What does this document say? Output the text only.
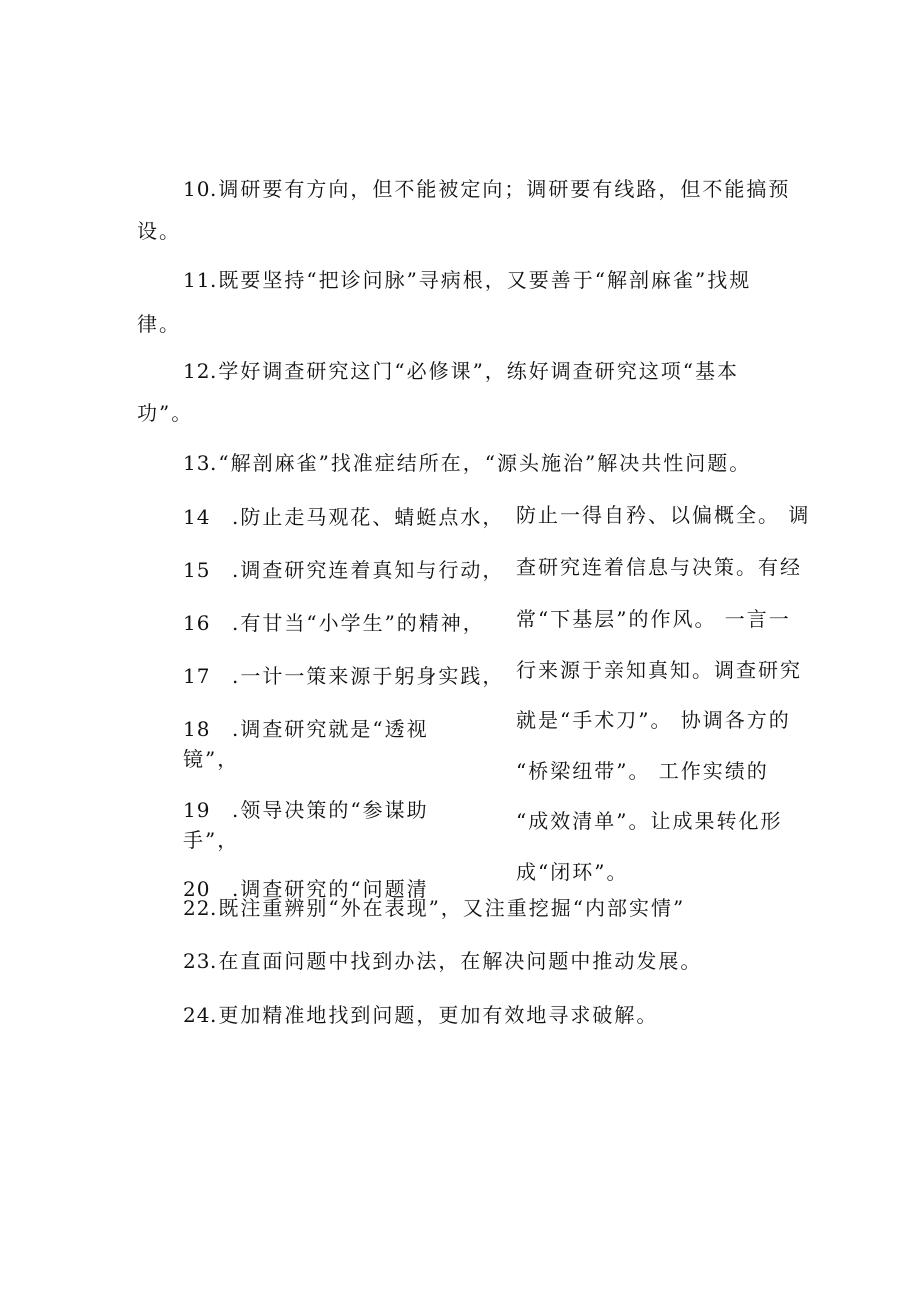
10 .调研要有方向，但不能被定向；调研要有线路，但不能搞预
设。
11 .既要坚持“把诊问脉”寻病根，又要善于“解剖麻雀”找规
律。
12 .学好调查研究这门“必修课”，练好调查研究这项“基本
功”。
13 .“解剖麻雀”找准症结所在，“源头施治”解决共性问题。
14 .防止走马观花、蜻蜓点水，
15 .调查研究连着真知与行动，
16 .有甘当“小学生”的精神，
17 .一计一策来源于躬身实践，
18 .调查研究就是“透视
镜”，
19 .领导决策的“参谋助
手”，
20 .调查研究的“问题清
防止一得自矜、以偏概全。 调
查研究连着信息与决策。有经
常“下基层”的作风。 一言一
行来源于亲知真知。调查研究
就是“手术刀”。 协调各方的
“桥梁纽带”。 工作实绩的
“成效清单”。让成果转化形
成“闭环”。
22 .既注重辨别“外在表现”，又注重挖掘“内部实情”
23 .在直面问题中找到办法，在解决问题中推动发展。
24 .更加精准地找到问题，更加有效地寻求破解。
